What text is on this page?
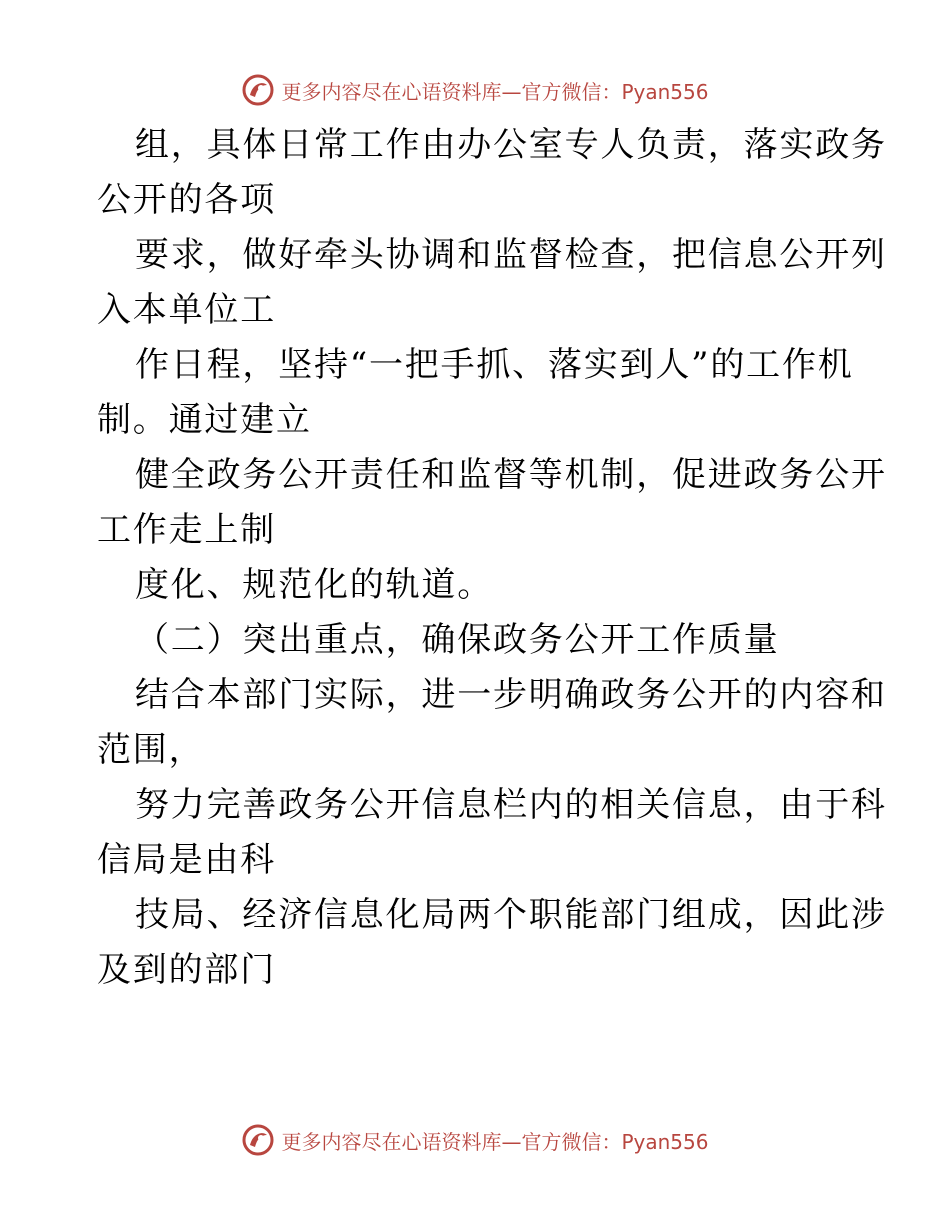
更多内容尽在心语资料库—官方微信：Pyan556
组，具体日常工作由办公室专人负责，落实政务
公开的各项
要求，做好牵头协调和监督检查，把信息公开列
入本单位工
作日程，坚持“一把手抓、落实到人”的工作机
制。通过建立
健全政务公开责任和监督等机制，促进政务公开
工作走上制
度化、规范化的轨道。
（二）突出重点，确保政务公开工作质量
结合本部门实际，进一步明确政务公开的内容和
范围，
努力完善政务公开信息栏内的相关信息，由于科
信局是由科
技局、经济信息化局两个职能部门组成，因此涉
及到的部门
更多内容尽在心语资料库—官方微信：Pyan556
